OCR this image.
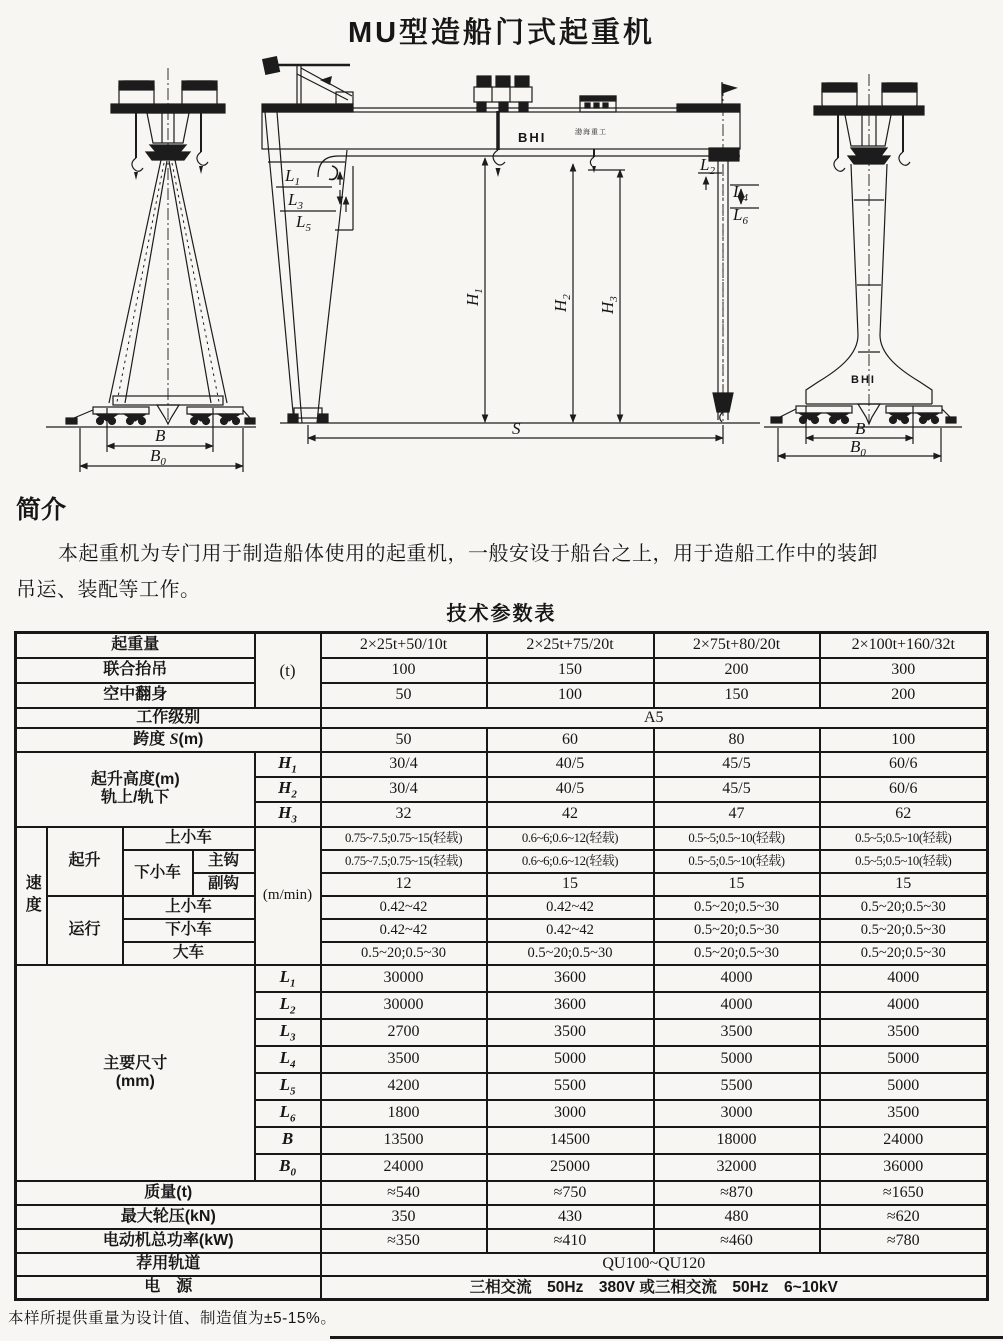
MU型造船门式起重机
B
$B_0$
BHI	渤海重工
$L_1$
$L_3$
$L_5$
$L_2$
$L_4$
$L_6$
$H_1$
$H_2$
$H_3$
S
BHI
B
$B_0$
简介
本起重机为专门用于制造船体使用的起重机，一般安设于船台之上，用于造船工作中的装卸
吊运、装配等工作。
技术参数表
起重量				(t)	2×25t+50/10t	2×25t+75/20t	2×75t+80/20t	2×100t+160/32t
联合抬吊					100	150	200	300
空中翻身					50	100	150	200
工作级别					A5			
跨度 S(m)					50	60	80	100

起升高度(m)
轨上/轨下				$H_1$	30/4	40/5	45/5	60/6
				$H_2$	30/4	40/5	45/5	60/6
				$H_3$	32	42	47	62
速度	起升	上小车		(m/min)	0.75~7.5;0.75~15(轻载)	0.6~6;0.6~12(轻载)	0.5~5;0.5~10(轻载)	0.5~5;0.5~10(轻载)
		下小车	主钩		0.75~7.5;0.75~15(轻载)	0.6~6;0.6~12(轻载)	0.5~5;0.5~10(轻载)	0.5~5;0.5~10(轻载)
			副钩		12	15	15	15
	运行	上小车			0.42~42	0.42~42	0.5~20;0.5~30	0.5~20;0.5~30
		下小车			0.42~42	0.42~42	0.5~20;0.5~30	0.5~20;0.5~30
		大车			0.5~20;0.5~30	0.5~20;0.5~30	0.5~20;0.5~30	0.5~20;0.5~30

主要尺寸
(mm)				$L_1$	30000	3600	4000	4000
				$L_2$	30000	3600	4000	4000
				$L_3$	2700	3500	3500	3500
				$L_4$	3500	5000	5000	5000
				$L_5$	4200	5500	5500	5000
				$L_6$	1800	3000	3000	3500
				B	13500	14500	18000	24000
				$B_0$	24000	25000	32000	36000
质量(t)					≈540	≈750	≈870	≈1650
最大轮压(kN)					350	430	480	≈620
电动机总功率(kW)					≈350	≈410	≈460	≈780
荐用轨道					QU100~QU120			
电　源					三相交流　50Hz　380V 或三相交流　50Hz　6~10kV			
本样所提供重量为设计值、制造值为±5-15%。
